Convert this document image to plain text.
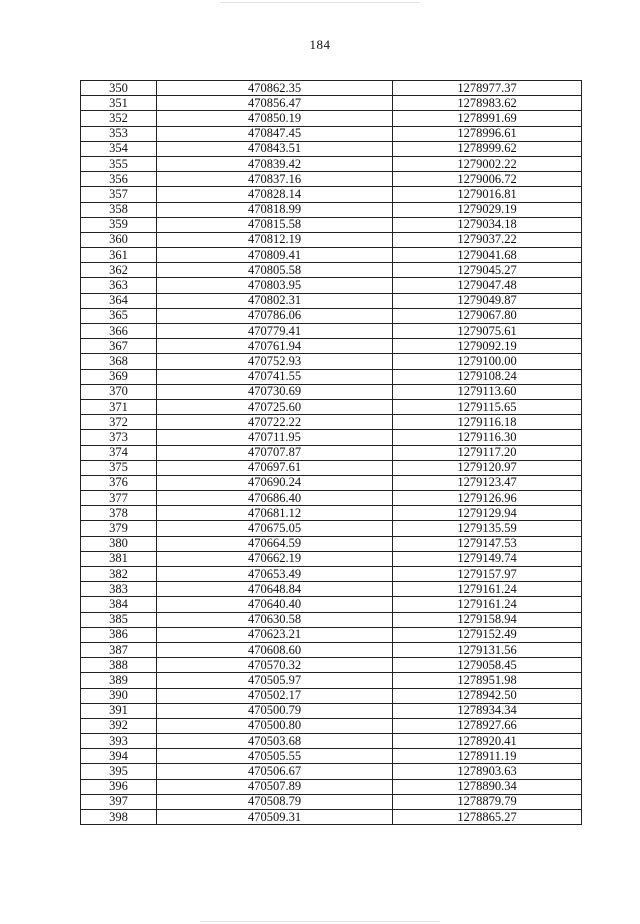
184
350	470862.35	1278977.37
351	470856.47	1278983.62
352	470850.19	1278991.69
353	470847.45	1278996.61
354	470843.51	1278999.62
355	470839.42	1279002.22
356	470837.16	1279006.72
357	470828.14	1279016.81
358	470818.99	1279029.19
359	470815.58	1279034.18
360	470812.19	1279037.22
361	470809.41	1279041.68
362	470805.58	1279045.27
363	470803.95	1279047.48
364	470802.31	1279049.87
365	470786.06	1279067.80
366	470779.41	1279075.61
367	470761.94	1279092.19
368	470752.93	1279100.00
369	470741.55	1279108.24
370	470730.69	1279113.60
371	470725.60	1279115.65
372	470722.22	1279116.18
373	470711.95	1279116.30
374	470707.87	1279117.20
375	470697.61	1279120.97
376	470690.24	1279123.47
377	470686.40	1279126.96
378	470681.12	1279129.94
379	470675.05	1279135.59
380	470664.59	1279147.53
381	470662.19	1279149.74
382	470653.49	1279157.97
383	470648.84	1279161.24
384	470640.40	1279161.24
385	470630.58	1279158.94
386	470623.21	1279152.49
387	470608.60	1279131.56
388	470570.32	1279058.45
389	470505.97	1278951.98
390	470502.17	1278942.50
391	470500.79	1278934.34
392	470500.80	1278927.66
393	470503.68	1278920.41
394	470505.55	1278911.19
395	470506.67	1278903.63
396	470507.89	1278890.34
397	470508.79	1278879.79
398	470509.31	1278865.27
